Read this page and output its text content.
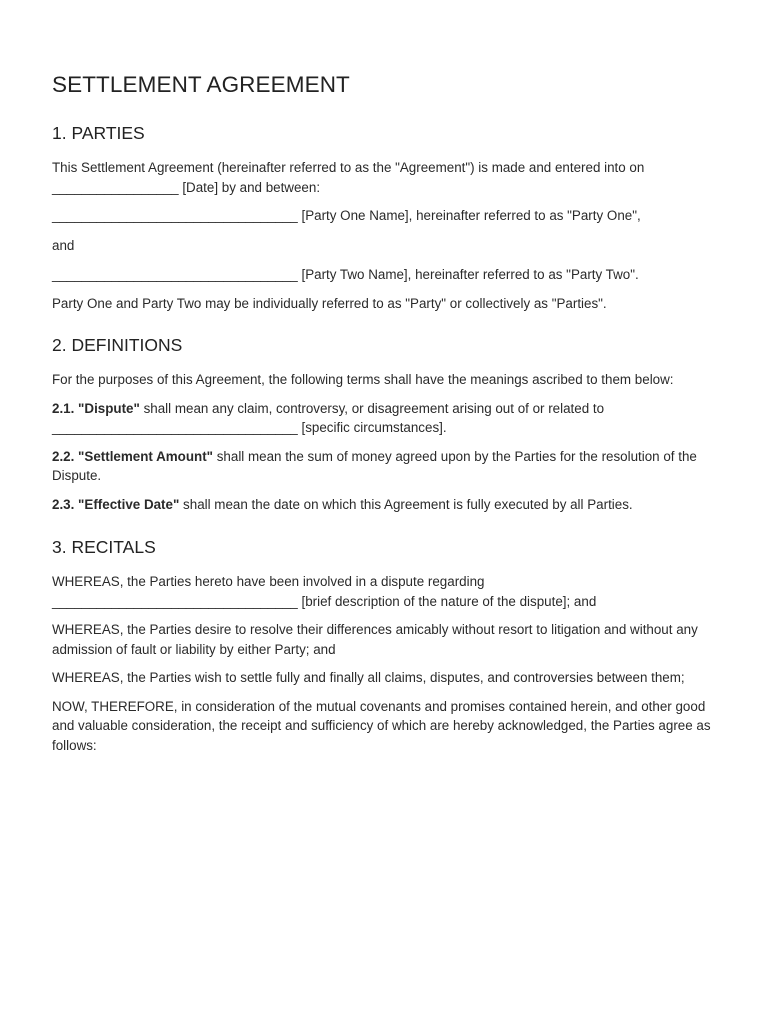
SETTLEMENT AGREEMENT
1. PARTIES

This Settlement Agreement (hereinafter referred to as the "Agreement") is made and entered into on _________________ [Date] by and between:

_________________________________ [Party One Name], hereinafter referred to as "Party One",

and

_________________________________ [Party Two Name], hereinafter referred to as "Party Two".

Party One and Party Two may be individually referred to as "Party" or collectively as "Parties".

2. DEFINITIONS

For the purposes of this Agreement, the following terms shall have the meanings ascribed to them below:

2.1. "Dispute" shall mean any claim, controversy, or disagreement arising out of or related to _________________________________ [specific circumstances].

2.2. "Settlement Amount" shall mean the sum of money agreed upon by the Parties for the resolution of the Dispute.

2.3. "Effective Date" shall mean the date on which this Agreement is fully executed by all Parties.

3. RECITALS

WHEREAS, the Parties hereto have been involved in a dispute regarding _________________________________ [brief description of the nature of the dispute]; and

WHEREAS, the Parties desire to resolve their differences amicably without resort to litigation and without any admission of fault or liability by either Party; and

WHEREAS, the Parties wish to settle fully and finally all claims, disputes, and controversies between them;

NOW, THEREFORE, in consideration of the mutual covenants and promises contained herein, and other good and valuable consideration, the receipt and sufficiency of which are hereby acknowledged, the Parties agree as follows:
